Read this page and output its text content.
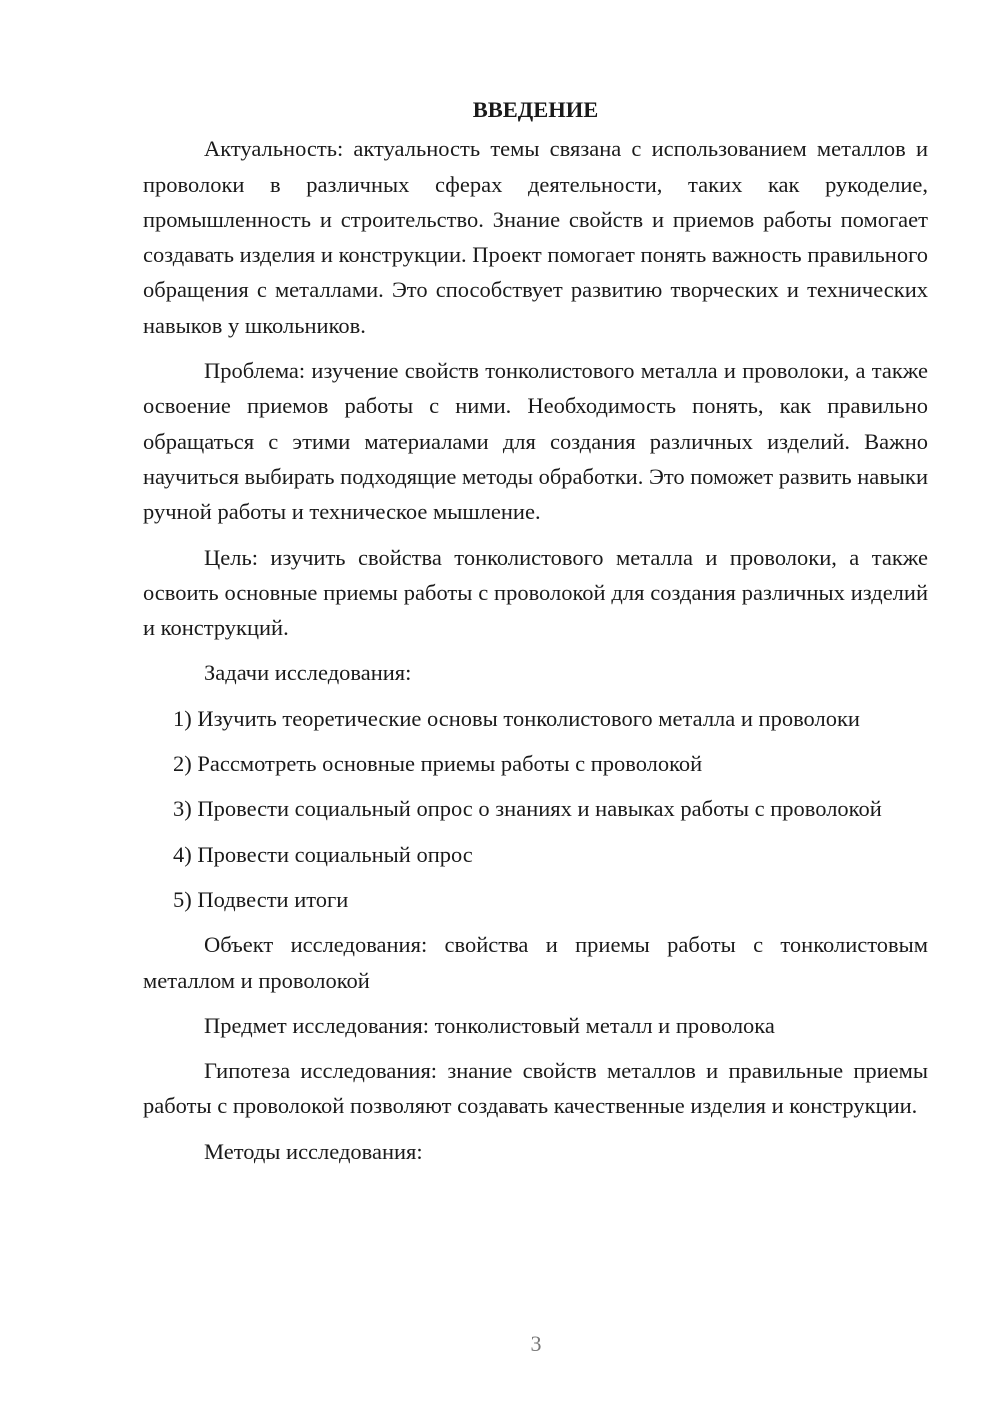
ВВЕДЕНИЕ

Актуальность: актуальность темы связана с использованием металлов и проволоки в различных сферах деятельности, таких как рукоделие, промышленность и строительство. Знание свойств и приемов работы помогает создавать изделия и конструкции. Проект помогает понять важность правильного обращения с металлами. Это способствует развитию творческих и технических навыков у школьников.

Проблема: изучение свойств тонколистового металла и проволоки, а также освоение приемов работы с ними. Необходимость понять, как правильно обращаться с этими материалами для создания различных изделий. Важно научиться выбирать подходящие методы обработки. Это поможет развить навыки ручной работы и техническое мышление.

Цель: изучить свойства тонколистового металла и проволоки, а также освоить основные приемы работы с проволокой для создания различных изделий и конструкций.

Задачи исследования:

1) Изучить теоретические основы тонколистового металла и проволоки

2) Рассмотреть основные приемы работы с проволокой

3) Провести социальный опрос о знаниях и навыках работы с проволокой

4) Провести социальный опрос

5) Подвести итоги

Объект исследования: свойства и приемы работы с тонколистовым металлом и проволокой

Предмет исследования: тонколистовый металл и проволока

Гипотеза исследования: знание свойств металлов и правильные приемы работы с проволокой позволяют создавать качественные изделия и конструкции.

Методы исследования:

3
